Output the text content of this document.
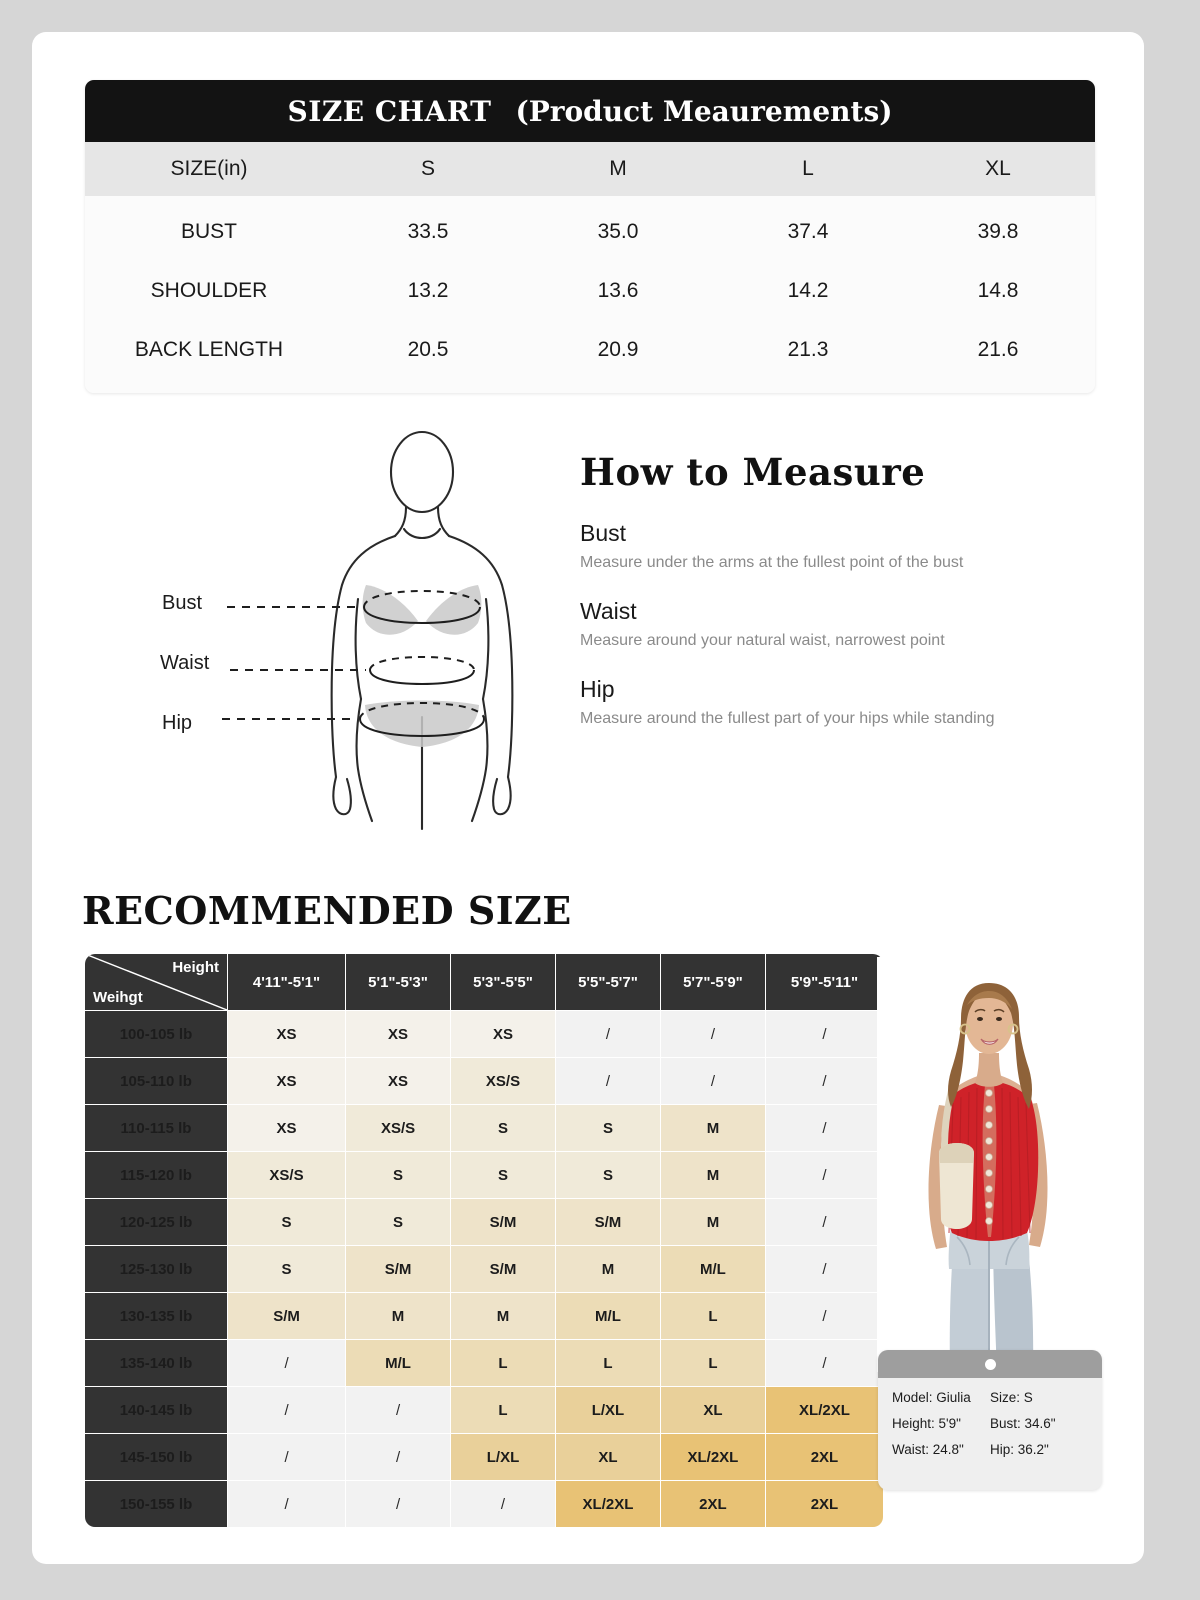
SIZE CHART (Product Meaurements)
SIZE(in)	S	M	L	XL
BUST	33.5	35.0	37.4	39.8
SHOULDER	13.2	13.6	14.2	14.8
BACK LENGTH	20.5	20.9	21.3	21.6
Bust
Waist
Hip
How to Measure
Bust
Measure under the arms at the fullest point of the bust
Waist
Measure around your natural waist, narrowest point
Hip
Measure around the fullest part of your hips while standing
RECOMMENDED SIZE
Height
Weihgt	4'11"-5'1"	5'1"-5'3"	5'3"-5'5"	5'5"-5'7"	5'7"-5'9"	5'9"-5'11"
100-105 lb	XS	XS	XS	/	/	/
105-110 lb	XS	XS	XS/S	/	/	/
110-115 lb	XS	XS/S	S	S	M	/
115-120 lb	XS/S	S	S	S	M	/
120-125 lb	S	S	S/M	S/M	M	/
125-130 lb	S	S/M	S/M	M	M/L	/
130-135 lb	S/M	M	M	M/L	L	/
135-140 lb	/	M/L	L	L	L	/
140-145 lb	/	/	L	L/XL	XL	XL/2XL
145-150 lb	/	/	L/XL	XL	XL/2XL	2XL
150-155 lb	/	/	/	XL/2XL	2XL	2XL
Model: Giulia	Size: S
Height: 5'9"	Bust: 34.6"
Waist: 24.8"	Hip: 36.2"
